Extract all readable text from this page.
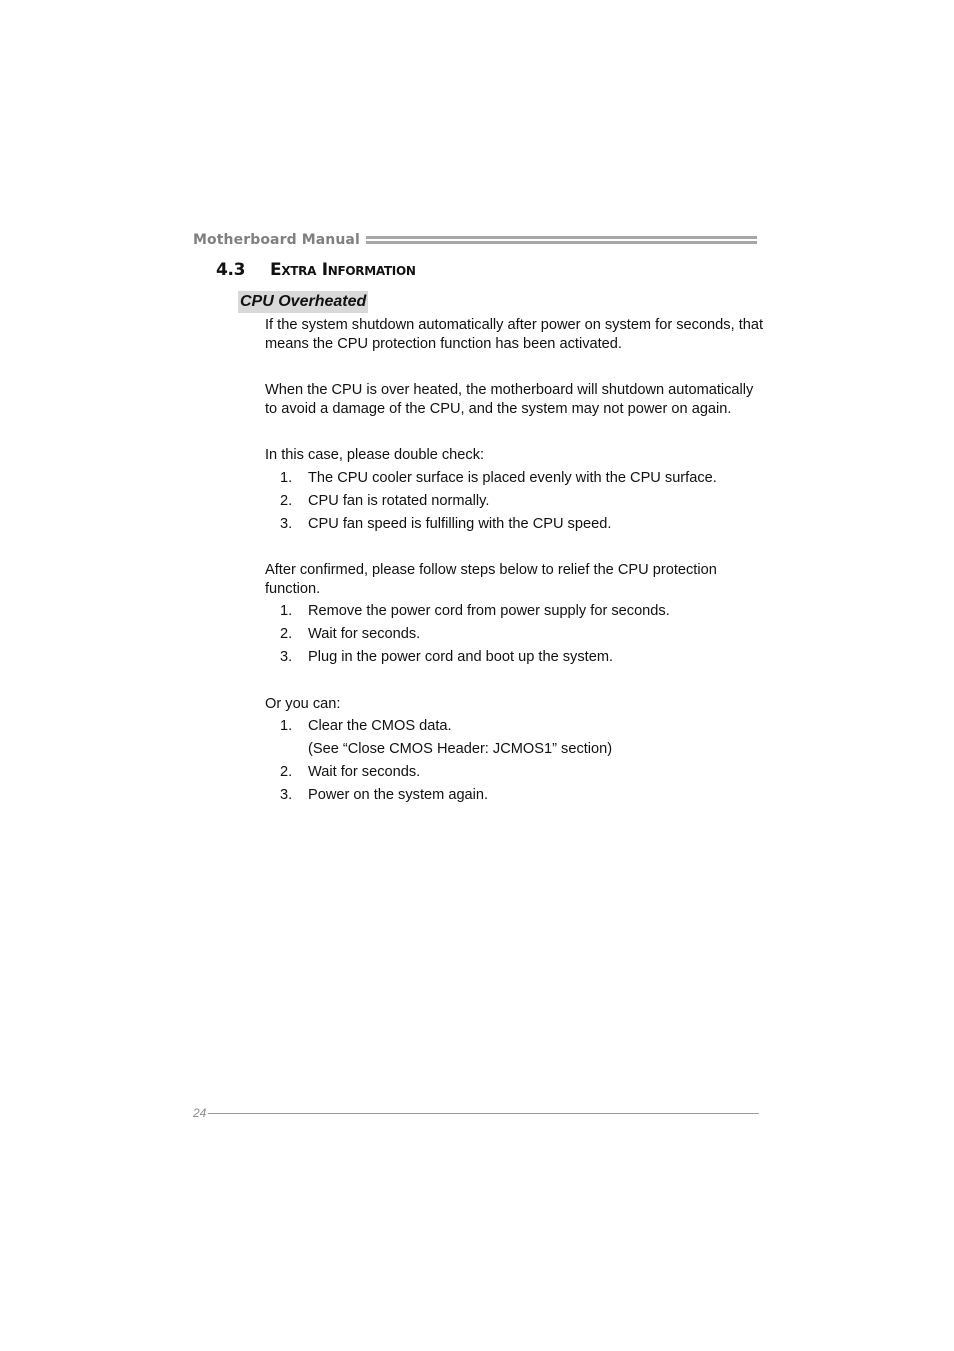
Motherboard Manual
4.3 Extra Information
CPU Overheated

If the system shutdown automatically after power on system for seconds, that means the CPU protection function has been activated.

When the CPU is over heated, the motherboard will shutdown automatically to avoid a damage of the CPU, and the system may not power on again.

In this case, please double check:

1. The CPU cooler surface is placed evenly with the CPU surface.
2. CPU fan is rotated normally.
3. CPU fan speed is fulfilling with the CPU speed.

After confirmed, please follow steps below to relief the CPU protection function.

1. Remove the power cord from power supply for seconds.
2. Wait for seconds.
3. Plug in the power cord and boot up the system.

Or you can:

1. Clear the CMOS data.
(See “Close CMOS Header: JCMOS1” section)
2. Wait for seconds.
3. Power on the system again.
24
